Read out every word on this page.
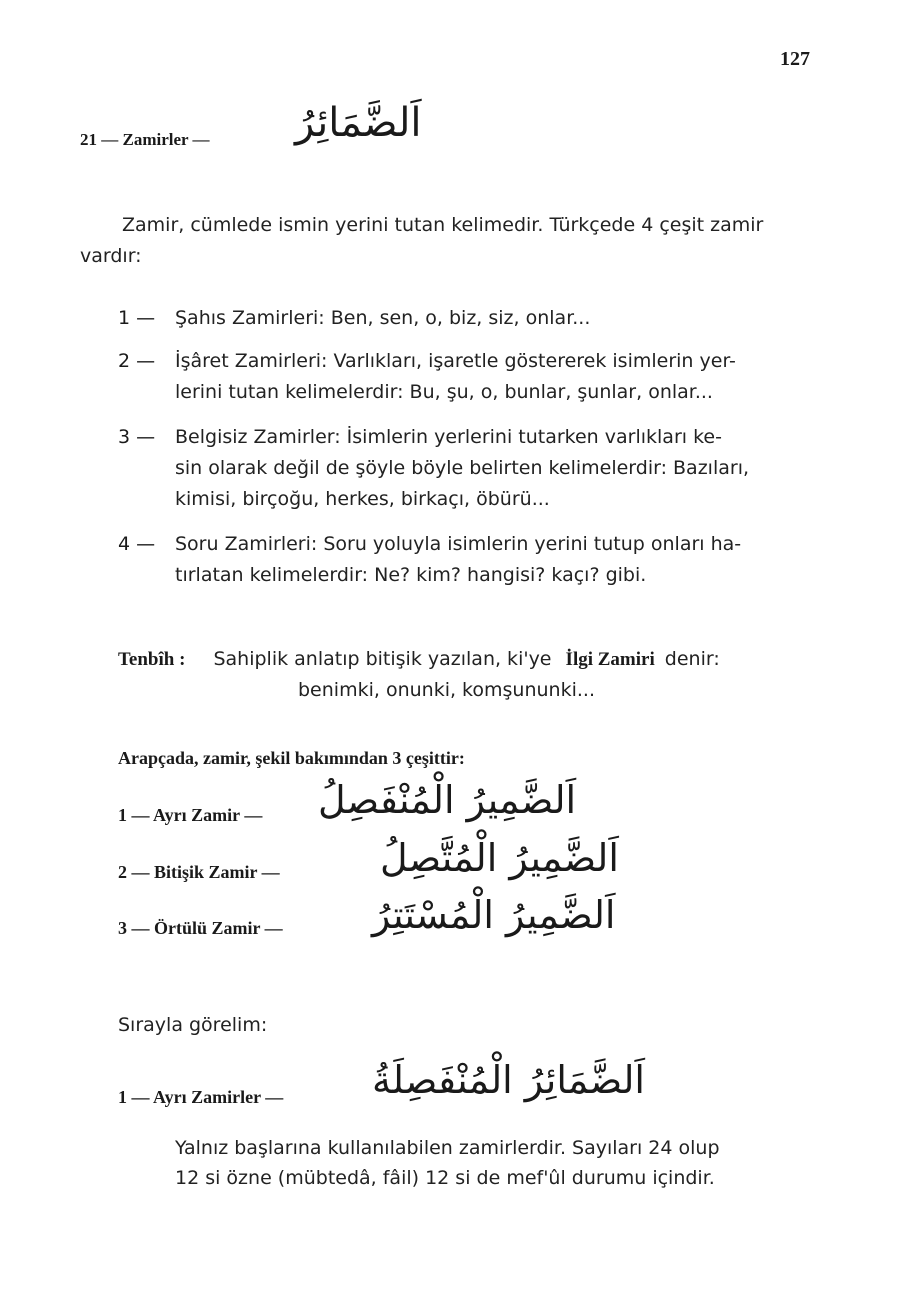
127
21 — Zamirler — اَلضَّمَائِرُ
Zamir, cümlede ismin yerini tutan kelimedir. Türkçede 4 çeşit zamir
vardır:
1 — Şahıs Zamirleri: Ben, sen, o, biz, siz, onlar...
2 — İşâret Zamirleri: Varlıkları, işaretle göstererek isimlerin yer-
lerini tutan kelimelerdir: Bu, şu, o, bunlar, şunlar, onlar...
3 — Belgisiz Zamirler: İsimlerin yerlerini tutarken varlıkları ke-
sin olarak değil de şöyle böyle belirten kelimelerdir: Bazıları,
kimisi, birçoğu, herkes, birkaçı, öbürü...
4 — Soru Zamirleri: Soru yoluyla isimlerin yerini tutup onları ha-
tırlatan kelimelerdir: Ne? kim? hangisi? kaçı? gibi.
Tenbîh : Sahiplik anlatıp bitişik yazılan, ki'ye İlgi Zamiri denir:
benimki, onunki, komşununki...
Arapçada, zamir, şekil bakımından 3 çeşittir:
1 — Ayrı Zamir — اَلضَّمِيرُ الْمُنْفَصِلُ
2 — Bitişik Zamir —	اَلضَّمِيرُ الْمُتَّصِلُ
3 — Örtülü Zamir — اَلضَّمِيرُ الْمُسْتَتِرُ
Sırayla görelim:
1 — Ayrı Zamirler — اَلضَّمَائِرُ الْمُنْفَصِلَةُ
Yalnız başlarına kullanılabilen zamirlerdir. Sayıları 24 olup
12 si özne (mübtedâ, fâil) 12 si de mef'ûl durumu içindir.
